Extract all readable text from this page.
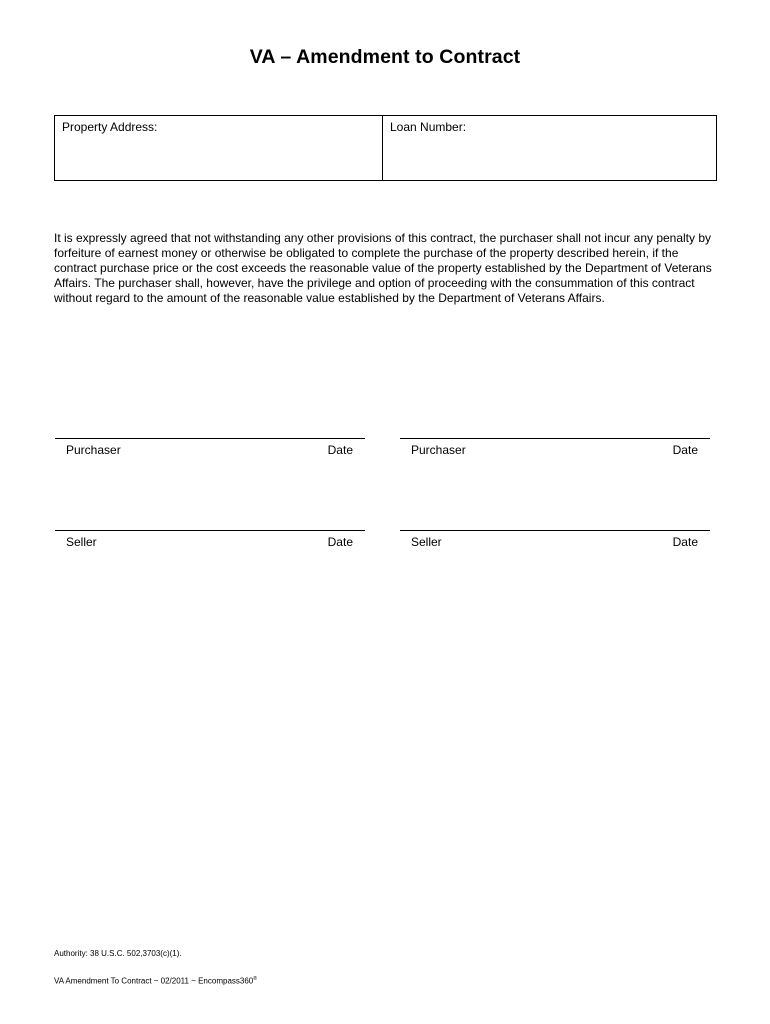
VA – Amendment to Contract
Property Address:	Loan Number:
It is expressly agreed that not withstanding any other provisions of this contract, the purchaser shall not incur any penalty by forfeiture of earnest money or otherwise be obligated to complete the purchase of the property described herein, if the contract purchase price or the cost exceeds the reasonable value of the property established by the Department of Veterans Affairs. The purchaser shall, however, have the privilege and option of proceeding with the consummation of this contract without regard to the amount of the reasonable value established by the Department of Veterans Affairs.
Purchaser	Date	Purchaser	Date
Seller	Date	Seller	Date
Authority: 38 U.S.C. 502,3703(c)(1).
VA Amendment To Contract ~ 02/2011 ~ Encompass360®
